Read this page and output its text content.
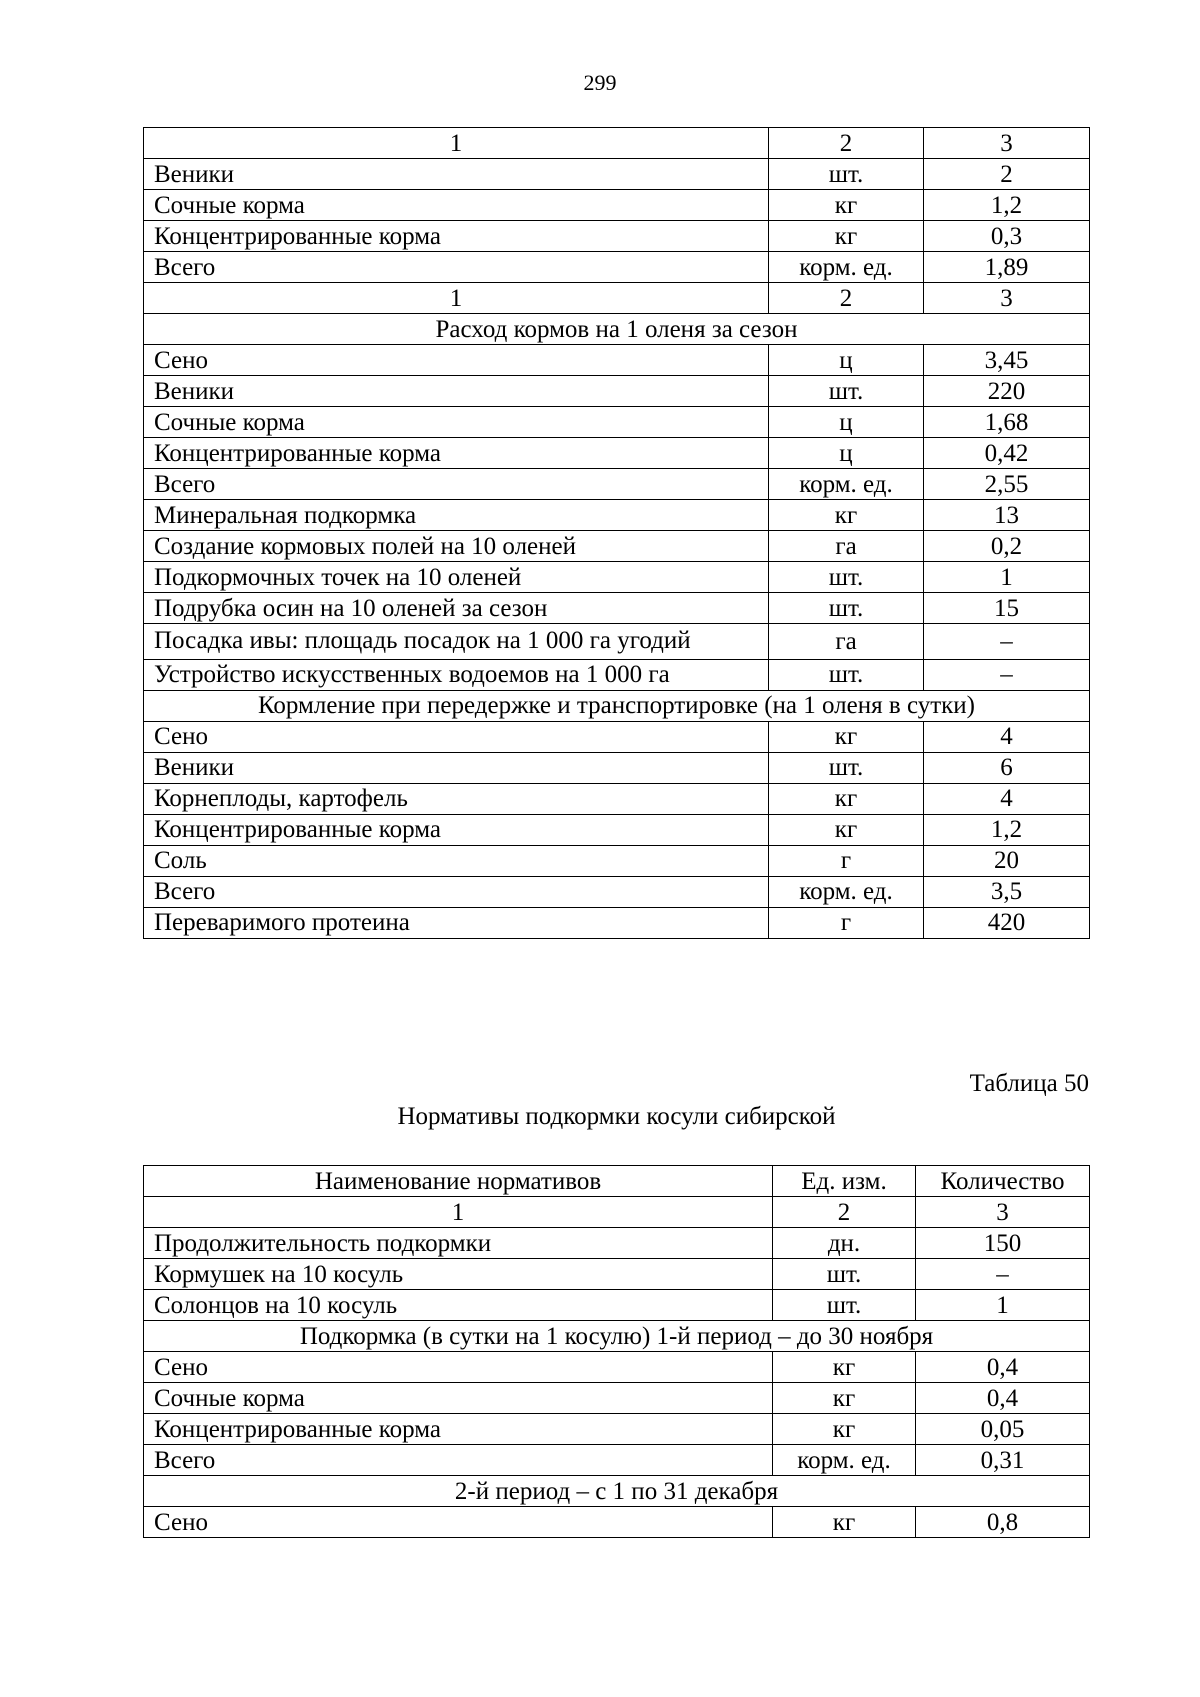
299
1	2	3
Веники	шт.	2
Сочные корма	кг	1,2
Концентрированные корма	кг	0,3
Всего	корм. ед.	1,89
1	2	3
Расход кормов на 1 оленя за сезон		
Сено	ц	3,45
Веники	шт.	220
Сочные корма	ц	1,68
Концентрированные корма	ц	0,42
Всего	корм. ед.	2,55
Минеральная подкормка	кг	13
Создание кормовых полей на 10 оленей	га	0,2
Подкормочных точек на 10 оленей	шт.	1
Подрубка осин на 10 оленей за сезон	шт.	15
Посадка ивы: площадь посадок на 1 000 га угодий	га	–
Устройство искусственных водоемов на 1 000 га	шт.	–
Кормление при передержке и транспортировке (на 1 оленя в сутки)		
Сено	кг	4
Веники	шт.	6
Корнеплоды, картофель	кг	4
Концентрированные корма	кг	1,2
Соль	г	20
Всего	корм. ед.	3,5
Переваримого протеина	г	420
Таблица 50
Нормативы подкормки косули сибирской
Наименование нормативов	Ед. изм.	Количество
1	2	3
Продолжительность подкормки	дн.	150
Кормушек на 10 косуль	шт.	–
Солонцов на 10 косуль	шт.	1
Подкормка (в сутки на 1 косулю) 1-й период – до 30 ноября		
Сено	кг	0,4
Сочные корма	кг	0,4
Концентрированные корма	кг	0,05
Всего	корм. ед.	0,31
2-й период – с 1 по 31 декабря		
Сено	кг	0,8
